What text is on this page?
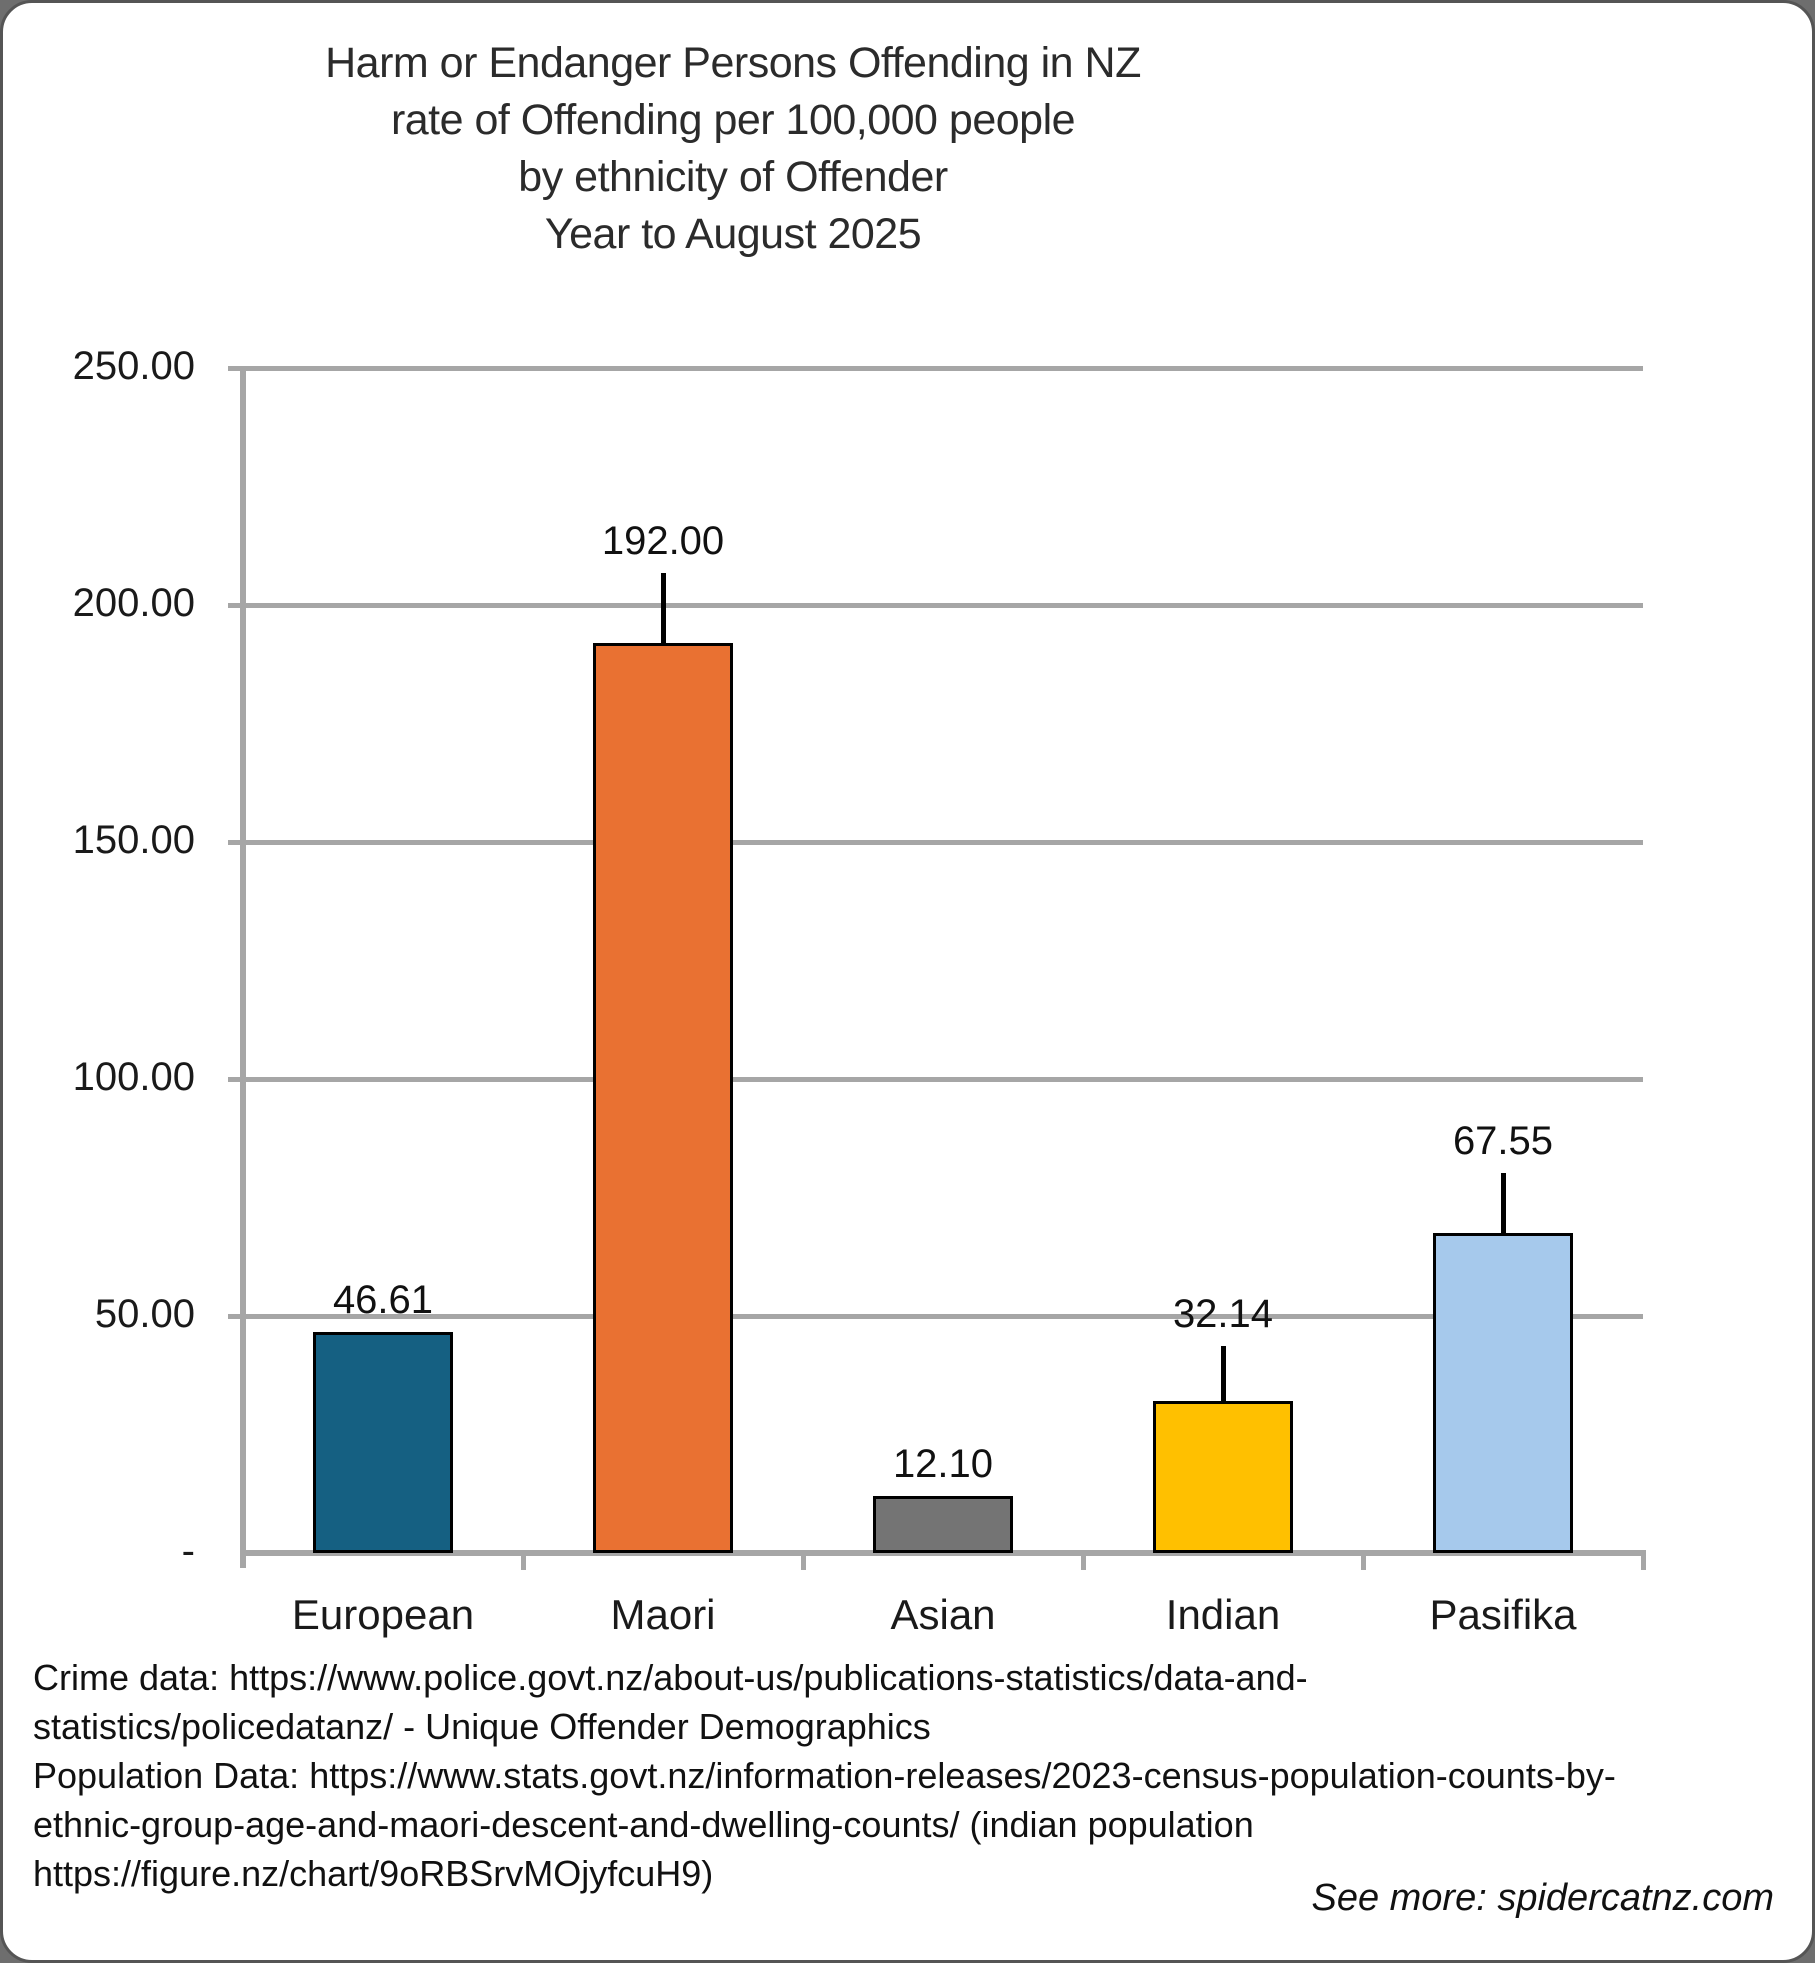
Harm or Endanger Persons Offending in NZ
rate of Offending per 100,000 people
by ethnicity of Offender
Year to August 2025
250.00
200.00
150.00
100.00
50.00
-
46.61
192.00
12.10
32.14
67.55
European	Maori	Asian	Indian	Pasifika
Crime data: https://www.police.govt.nz/about-us/publications-statistics/data-and-
statistics/policedatanz/ - Unique Offender Demographics
Population Data: https://www.stats.govt.nz/information-releases/2023-census-population-counts-by-
ethnic-group-age-and-maori-descent-and-dwelling-counts/ (indian population
https://figure.nz/chart/9oRBSrvMOjyfcuH9)
See more: spidercatnz.com
